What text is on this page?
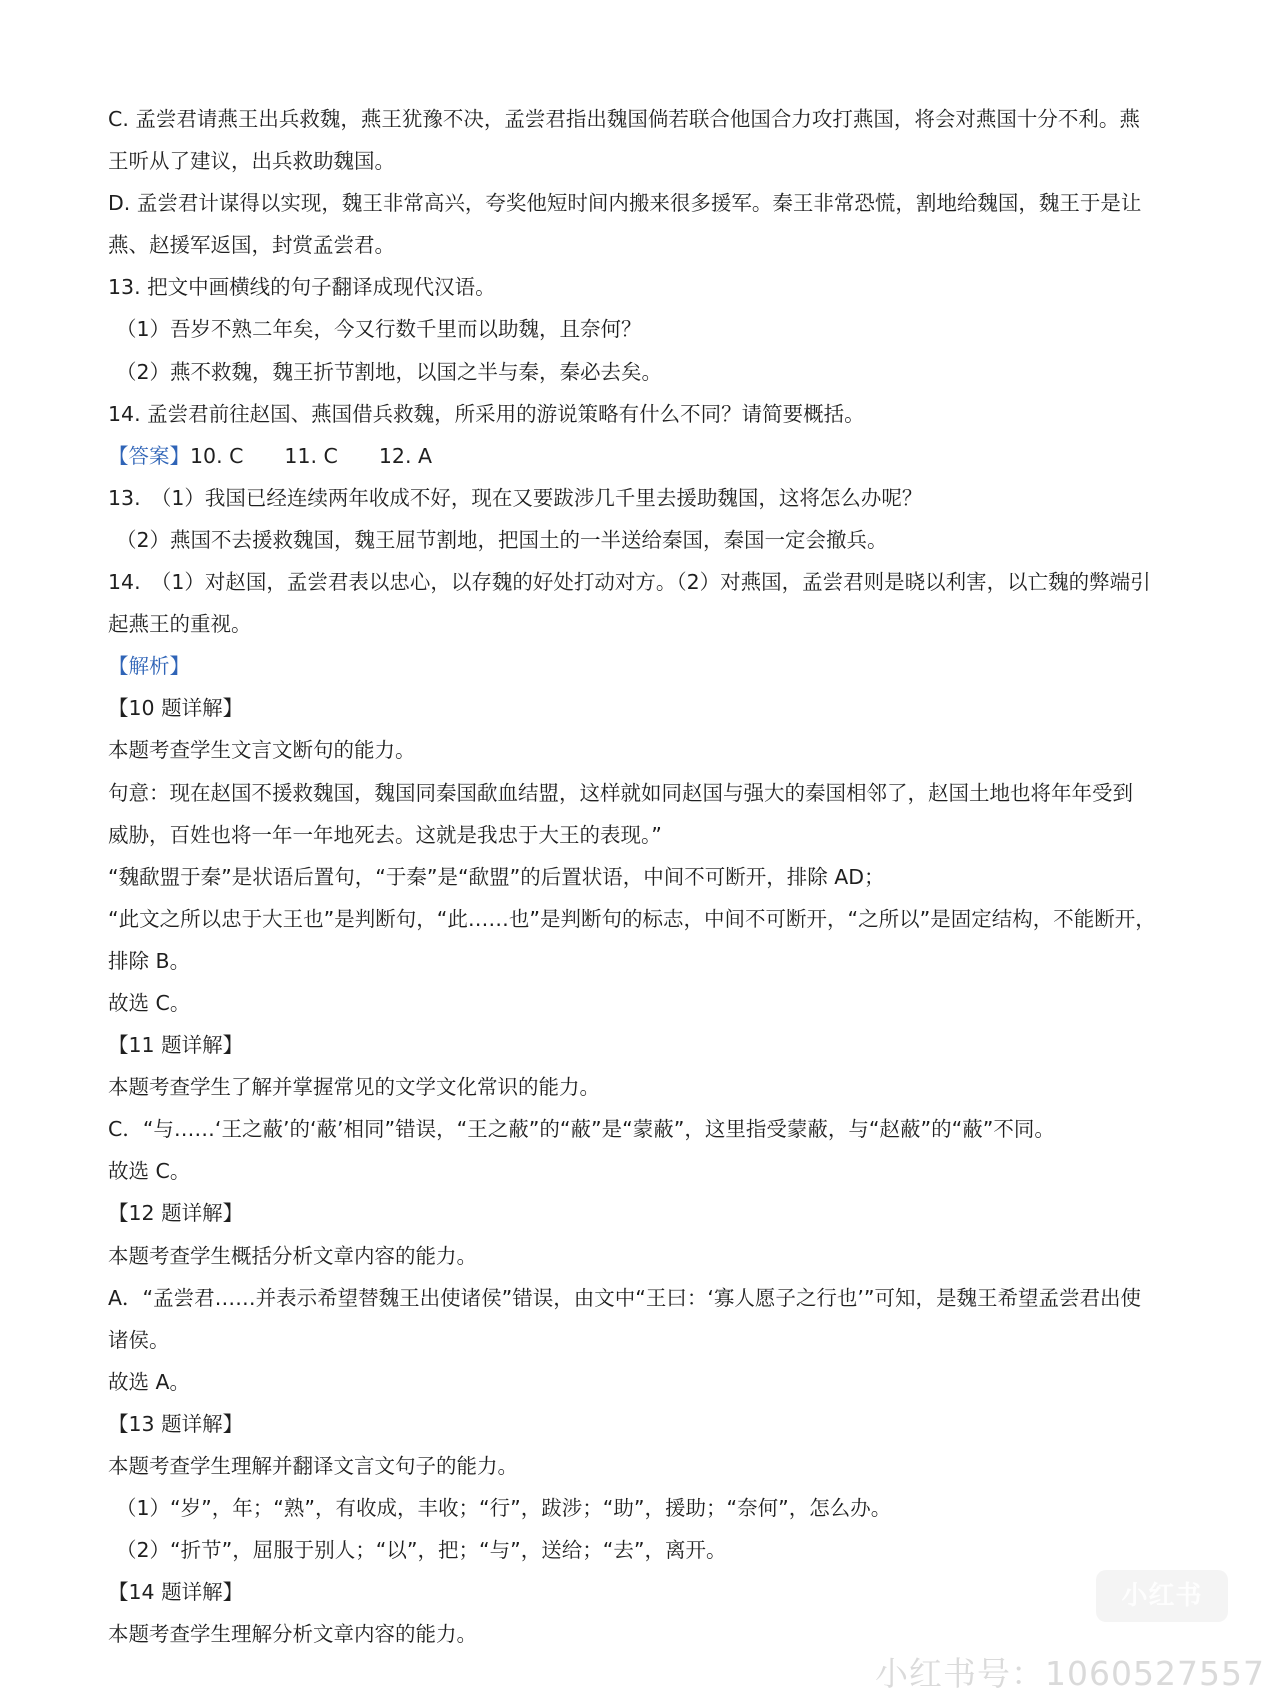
C. 孟尝君请燕王出兵救魏，燕王犹豫不决，孟尝君指出魏国倘若联合他国合力攻打燕国，将会对燕国十分不利。燕
王听从了建议，出兵救助魏国。
D. 孟尝君计谋得以实现，魏王非常高兴，夸奖他短时间内搬来很多援军。秦王非常恐慌，割地给魏国，魏王于是让
燕、赵援军返国，封赏孟尝君。
13. 把文中画横线的句子翻译成现代汉语。
（1）吾岁不熟二年矣，今又行数千里而以助魏，且奈何？
（2）燕不救魏，魏王折节割地，以国之半与秦，秦必去矣。
14. 孟尝君前往赵国、燕国借兵救魏，所采用的游说策略有什么不同？请简要概括。
【答案】10. C　　11. C　　12. A
13.　（1）我国已经连续两年收成不好，现在又要跋涉几千里去援助魏国，这将怎么办呢？
（2）燕国不去援救魏国，魏王屈节割地，把国土的一半送给秦国，秦国一定会撤兵。
14.　（1）对赵国，孟尝君表以忠心，以存魏的好处打动对方。（2）对燕国，孟尝君则是晓以利害，以亡魏的弊端引
起燕王的重视。
【解析】
【10 题详解】
本题考查学生文言文断句的能力。
句意：现在赵国不援救魏国，魏国同秦国歃血结盟，这样就如同赵国与强大的秦国相邻了，赵国土地也将年年受到
威胁，百姓也将一年一年地死去。这就是我忠于大王的表现。”
“魏歃盟于秦”是状语后置句，“于秦”是“歃盟”的后置状语，中间不可断开，排除 AD；
“此文之所以忠于大王也”是判断句，“此……也”是判断句的标志，中间不可断开，“之所以”是固定结构，不能断开，
排除 B。
故选 C。
【11 题详解】
本题考查学生了解并掌握常见的文学文化常识的能力。
C．“与……‘王之蔽’的‘蔽’相同”错误，“王之蔽”的“蔽”是“蒙蔽”，这里指受蒙蔽，与“赵蔽”的“蔽”不同。
故选 C。
【12 题详解】
本题考查学生概括分析文章内容的能力。
A．“孟尝君……并表示希望替魏王出使诸侯”错误，由文中“王曰：‘寡人愿子之行也’”可知，是魏王希望孟尝君出使
诸侯。
故选 A。
【13 题详解】
本题考查学生理解并翻译文言文句子的能力。
（1）“岁”，年；“熟”，有收成，丰收；“行”，跋涉；“助”，援助；“奈何”，怎么办。
（2）“折节”，屈服于别人；“以”，把；“与”，送给；“去”，离开。
【14 题详解】
本题考查学生理解分析文章内容的能力。
小红书
小红书号：1060527557
